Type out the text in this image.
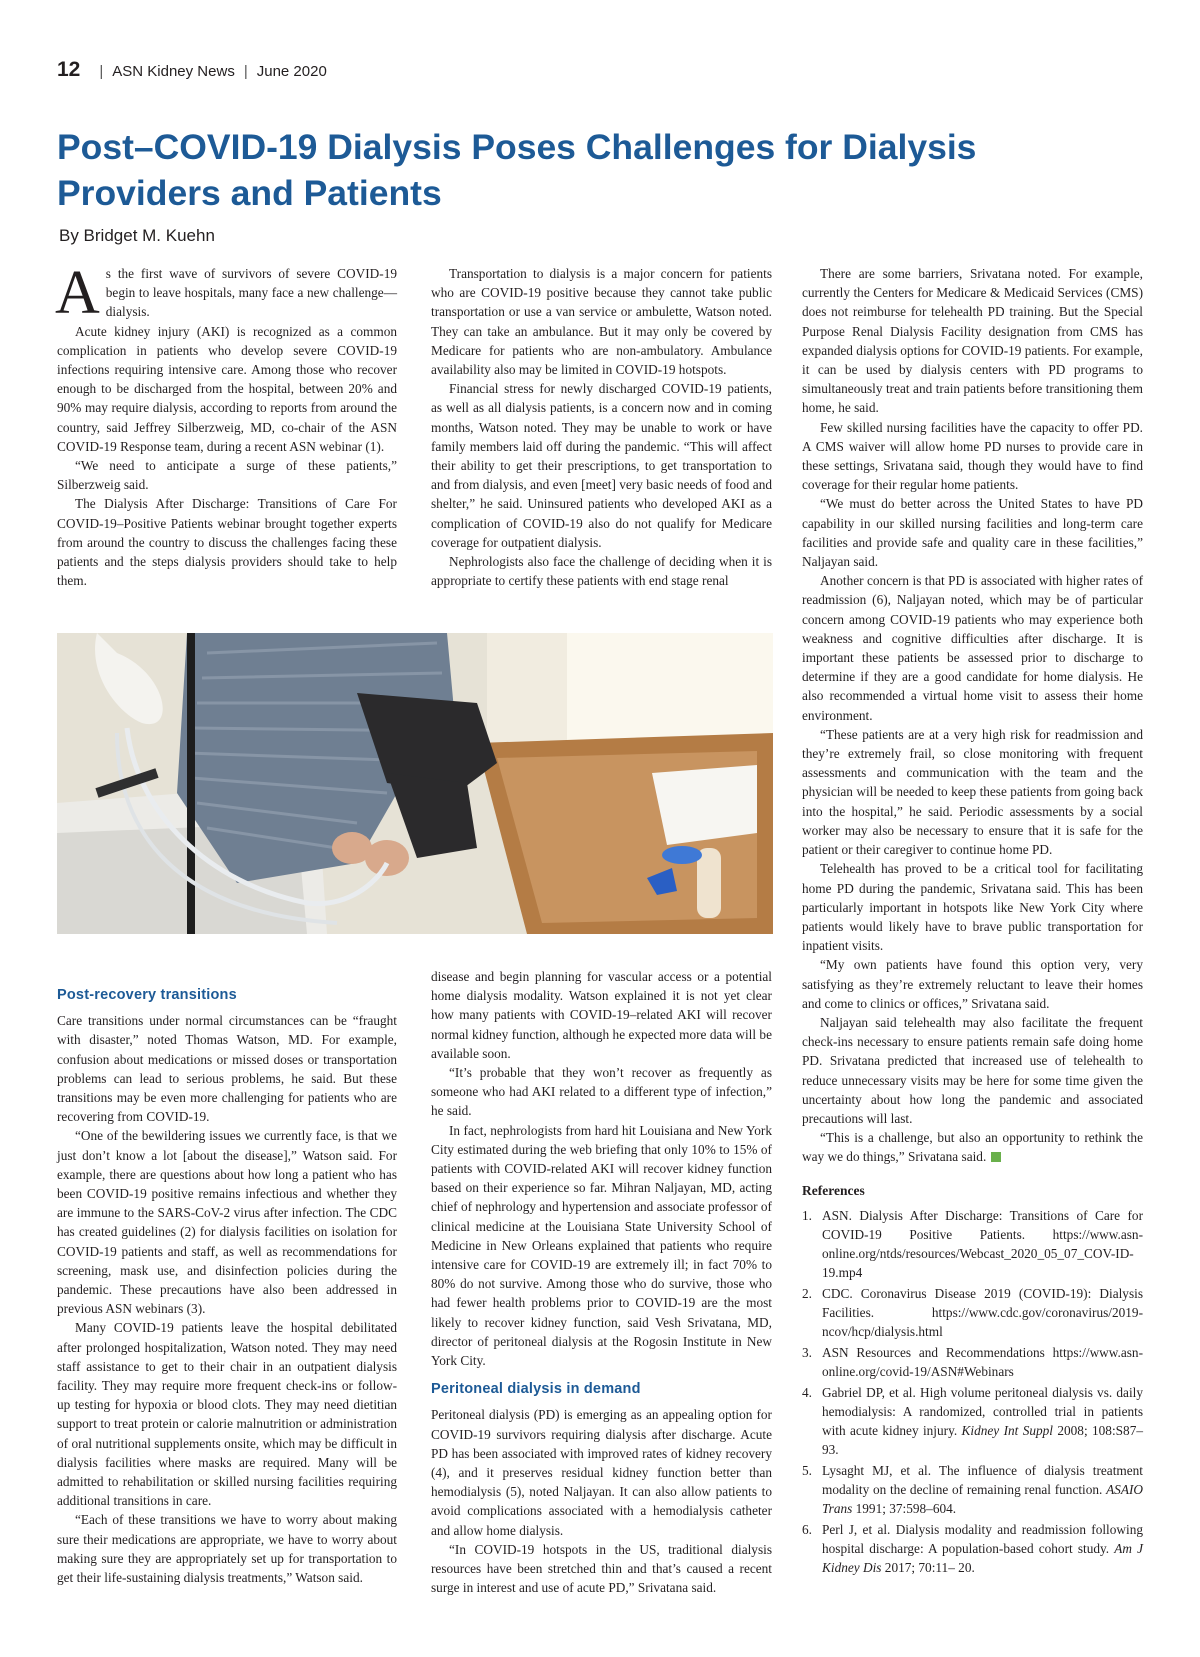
12 | ASN Kidney News | June 2020
Post–COVID-19 Dialysis Poses Challenges for Dialysis Providers and Patients
By Bridget M. Kuehn

As the first wave of survivors of severe COVID-19 begin to leave hospitals, many face a new challenge—dialysis.

Acute kidney injury (AKI) is recognized as a common complication in patients who develop severe COVID-19 infections requiring intensive care. Among those who recover enough to be discharged from the hospital, between 20% and 90% may require dialysis, according to reports from around the country, said Jeffrey Silberzweig, MD, co-chair of the ASN COVID-19 Response team, during a recent ASN webinar (1).

“We need to anticipate a surge of these patients,” Silberzweig said.

The Dialysis After Discharge: Transitions of Care For COVID-19–Positive Patients webinar brought together experts from around the country to discuss the challenges facing these patients and the steps dialysis providers should take to help them.

Transportation to dialysis is a major concern for patients who are COVID-19 positive because they cannot take public transportation or use a van service or ambulette, Watson noted. They can take an ambulance. But it may only be covered by Medicare for patients who are non-ambulatory. Ambulance availability also may be limited in COVID-19 hotspots.

Financial stress for newly discharged COVID-19 patients, as well as all dialysis patients, is a concern now and in coming months, Watson noted. They may be unable to work or have family members laid off during the pandemic. “This will affect their ability to get their prescriptions, to get transportation to and from dialysis, and even [meet] very basic needs of food and shelter,” he said. Uninsured patients who developed AKI as a complication of COVID-19 also do not qualify for Medicare coverage for outpatient dialysis.

Nephrologists also face the challenge of deciding when it is appropriate to certify these patients with end stage renal

Post-recovery transitions

Care transitions under normal circumstances can be “fraught with disaster,” noted Thomas Watson, MD. For example, confusion about medications or missed doses or transportation problems can lead to serious problems, he said. But these transitions may be even more challenging for patients who are recovering from COVID-19.

“One of the bewildering issues we currently face, is that we just don’t know a lot [about the disease],” Watson said. For example, there are questions about how long a patient who has been COVID-19 positive remains infectious and whether they are immune to the SARS-CoV-2 virus after infection. The CDC has created guidelines (2) for dialysis facilities on isolation for COVID-19 patients and staff, as well as recommendations for screening, mask use, and disinfection policies during the pandemic. These precautions have also been addressed in previous ASN webinars (3).

Many COVID-19 patients leave the hospital debilitated after prolonged hospitalization, Watson noted. They may need staff assistance to get to their chair in an outpatient dialysis facility. They may require more frequent check-ins or follow-up testing for hypoxia or blood clots. They may need dietitian support to treat protein or calorie malnutrition or administration of oral nutritional supplements onsite, which may be difficult in dialysis facilities where masks are required. Many will be admitted to rehabilitation or skilled nursing facilities requiring additional transitions in care.

“Each of these transitions we have to worry about making sure their medications are appropriate, we have to worry about making sure they are appropriately set up for transportation to get their life-sustaining dialysis treatments,” Watson said.

disease and begin planning for vascular access or a potential home dialysis modality. Watson explained it is not yet clear how many patients with COVID-19–related AKI will recover normal kidney function, although he expected more data will be available soon.

“It’s probable that they won’t recover as frequently as someone who had AKI related to a different type of infection,” he said.

In fact, nephrologists from hard hit Louisiana and New York City estimated during the web briefing that only 10% to 15% of patients with COVID-related AKI will recover kidney function based on their experience so far. Mihran Naljayan, MD, acting chief of nephrology and hypertension and associate professor of clinical medicine at the Louisiana State University School of Medicine in New Orleans explained that patients who require intensive care for COVID-19 are extremely ill; in fact 70% to 80% do not survive. Among those who do survive, those who had fewer health problems prior to COVID-19 are the most likely to recover kidney function, said Vesh Srivatana, MD, director of peritoneal dialysis at the Rogosin Institute in New York City.

Peritoneal dialysis in demand

Peritoneal dialysis (PD) is emerging as an appealing option for COVID-19 survivors requiring dialysis after discharge. Acute PD has been associated with improved rates of kidney recovery (4), and it preserves residual kidney function better than hemodialysis (5), noted Naljayan. It can also allow patients to avoid complications associated with a hemodialysis catheter and allow home dialysis.

“In COVID-19 hotspots in the US, traditional dialysis resources have been stretched thin and that’s caused a recent surge in interest and use of acute PD,” Srivatana said.

There are some barriers, Srivatana noted. For example, currently the Centers for Medicare & Medicaid Services (CMS) does not reimburse for telehealth PD training. But the Special Purpose Renal Dialysis Facility designation from CMS has expanded dialysis options for COVID-19 patients. For example, it can be used by dialysis centers with PD programs to simultaneously treat and train patients before transitioning them home, he said.

Few skilled nursing facilities have the capacity to offer PD. A CMS waiver will allow home PD nurses to provide care in these settings, Srivatana said, though they would have to find coverage for their regular home patients.

“We must do better across the United States to have PD capability in our skilled nursing facilities and long-term care facilities and provide safe and quality care in these facilities,” Naljayan said.

Another concern is that PD is associated with higher rates of readmission (6), Naljayan noted, which may be of particular concern among COVID-19 patients who may experience both weakness and cognitive difficulties after discharge. It is important these patients be assessed prior to discharge to determine if they are a good candidate for home dialysis. He also recommended a virtual home visit to assess their home environment.

“These patients are at a very high risk for readmission and they’re extremely frail, so close monitoring with frequent assessments and communication with the team and the physician will be needed to keep these patients from going back into the hospital,” he said. Periodic assessments by a social worker may also be necessary to ensure that it is safe for the patient or their caregiver to continue home PD.

Telehealth has proved to be a critical tool for facilitating home PD during the pandemic, Srivatana said. This has been particularly important in hotspots like New York City where patients would likely have to brave public transportation for inpatient visits.

“My own patients have found this option very, very satisfying as they’re extremely reluctant to leave their homes and come to clinics or offices,” Srivatana said.

Naljayan said telehealth may also facilitate the frequent check-ins necessary to ensure patients remain safe doing home PD. Srivatana predicted that increased use of telehealth to reduce unnecessary visits may be here for some time given the uncertainty about how long the pandemic and associated precautions will last.

“This is a challenge, but also an opportunity to rethink the way we do things,” Srivatana said.

References
1. ASN. Dialysis After Discharge: Transitions of Care for COVID-19 Positive Patients. https://www.asn-online.org/ntds/resources/Webcast_2020_05_07_COV-ID-19.mp4
2. CDC. Coronavirus Disease 2019 (COVID-19): Dialysis Facilities. https://www.cdc.gov/coronavirus/2019-ncov/hcp/dialysis.html
3. ASN Resources and Recommendations https://www.asn-online.org/covid-19/ASN#Webinars
4. Gabriel DP, et al. High volume peritoneal dialysis vs. daily hemodialysis: A randomized, controlled trial in patients with acute kidney injury. Kidney Int Suppl 2008; 108:S87–93.
5. Lysaght MJ, et al. The influence of dialysis treatment modality on the decline of remaining renal function. ASAIO Trans 1991; 37:598–604.
6. Perl J, et al. Dialysis modality and readmission following hospital discharge: A population-based cohort study. Am J Kidney Dis 2017; 70:11– 20.
